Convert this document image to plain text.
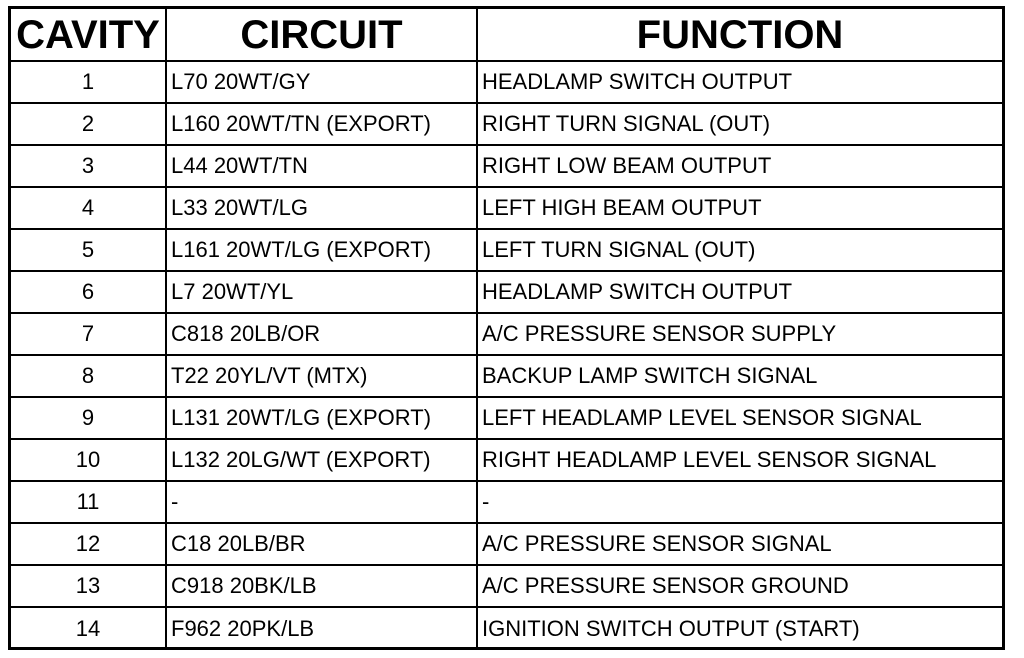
CAVITY	CIRCUIT	FUNCTION
1	L70 20WT/GY	HEADLAMP SWITCH OUTPUT
2	L160 20WT/TN (EXPORT)	RIGHT TURN SIGNAL (OUT)
3	L44 20WT/TN	RIGHT LOW BEAM OUTPUT
4	L33 20WT/LG	LEFT HIGH BEAM OUTPUT
5	L161 20WT/LG (EXPORT)	LEFT TURN SIGNAL (OUT)
6	L7 20WT/YL	HEADLAMP SWITCH OUTPUT
7	C818 20LB/OR	A/C PRESSURE SENSOR SUPPLY
8	T22 20YL/VT (MTX)	BACKUP LAMP SWITCH SIGNAL
9	L131 20WT/LG (EXPORT)	LEFT HEADLAMP LEVEL SENSOR SIGNAL
10	L132 20LG/WT (EXPORT)	RIGHT HEADLAMP LEVEL SENSOR SIGNAL
11	-	-
12	C18 20LB/BR	A/C PRESSURE SENSOR SIGNAL
13	C918 20BK/LB	A/C PRESSURE SENSOR GROUND
14	F962 20PK/LB	IGNITION SWITCH OUTPUT (START)
